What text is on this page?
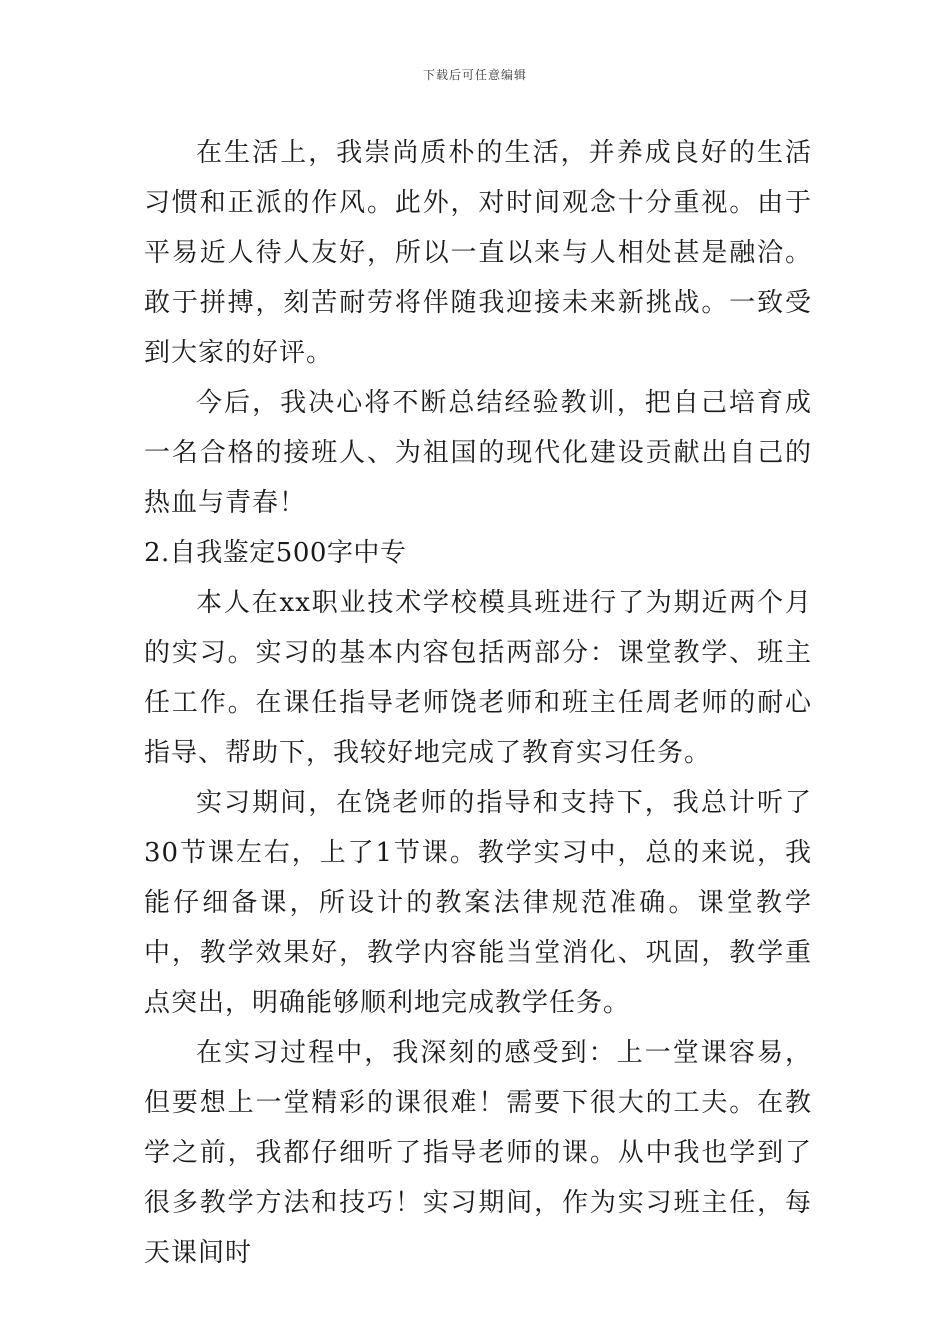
下载后可任意编辑

在生活上，我崇尚质朴的生活，并养成良好的生活习惯和正派的作风。此外，对时间观念十分重视。由于平易近人待人友好，所以一直以来与人相处甚是融洽。敢于拼搏，刻苦耐劳将伴随我迎接未来新挑战。一致受到大家的好评。

今后，我决心将不断总结经验教训，把自己培育成一名合格的接班人、为祖国的现代化建设贡献出自己的热血与青春！

2.自我鉴定500字中专

本人在xx职业技术学校模具班进行了为期近两个月的实习。实习的基本内容包括两部分：课堂教学、班主任工作。在课任指导老师饶老师和班主任周老师的耐心指导、帮助下，我较好地完成了教育实习任务。

实习期间，在饶老师的指导和支持下，我总计听了30节课左右，上了1节课。教学实习中，总的来说，我能仔细备课，所设计的教案法律规范准确。课堂教学中，教学效果好，教学内容能当堂消化、巩固，教学重点突出，明确能够顺利地完成教学任务。

在实习过程中，我深刻的感受到：上一堂课容易，但要想上一堂精彩的课很难！需要下很大的工夫。在教学之前，我都仔细听了指导老师的课。从中我也学到了很多教学方法和技巧！实习期间，作为实习班主任，每天课间时
